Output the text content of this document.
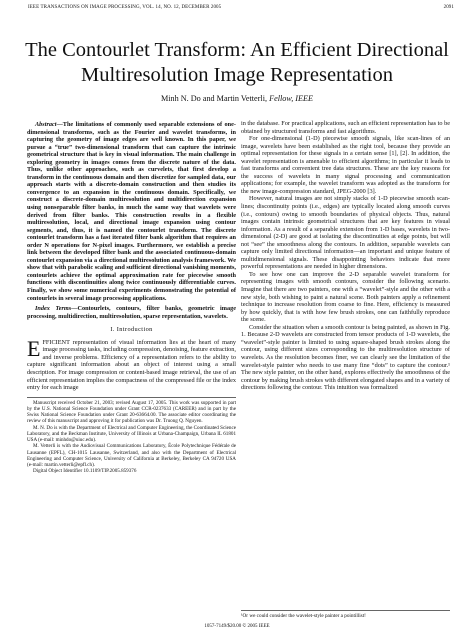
IEEE TRANSACTIONS ON IMAGE PROCESSING, VOL. 14, NO. 12, DECEMBER 2005	2091
The Contourlet Transform: An Efficient Directional
Multiresolution Image Representation
Minh N. Do and Martin Vetterli, Fellow, IEEE

Abstract—The limitations of commonly used separable extensions of one-dimensional transforms, such as the Fourier and wavelet transforms, in capturing the geometry of image edges are well known. In this paper, we pursue a “true” two-dimensional transform that can capture the intrinsic geometrical structure that is key in visual information. The main challenge in exploring geometry in images comes from the discrete nature of the data. Thus, unlike other approaches, such as curvelets, that first develop a transform in the continuous domain and then discretize for sampled data, our approach starts with a discrete-domain construction and then studies its convergence to an expansion in the continuous domain. Specifically, we construct a discrete-domain multiresolution and multidirection expansion using nonseparable filter banks, in much the same way that wavelets were derived from filter banks. This construction results in a flexible multiresolution, local, and directional image expansion using contour segments, and, thus, it is named the contourlet transform. The discrete contourlet transform has a fast iterated filter bank algorithm that requires an order N operations for N-pixel images. Furthermore, we establish a precise link between the developed filter bank and the associated continuous-domain contourlet expansion via a directional multiresolution analysis framework. We show that with parabolic scaling and sufficient directional vanishing moments, contourlets achieve the optimal approximation rate for piecewise smooth functions with discontinuities along twice continuously differentiable curves. Finally, we show some numerical experiments demonstrating the potential of contourlets in several image processing applications.

Index Terms—Contourlets, contours, filter banks, geometric image processing, multidirection, multiresolution, sparse representation, wavelets.

I. Introduction

EFFICIENT representation of visual information lies at the heart of many image processing tasks, including compression, denoising, feature extraction, and inverse problems. Efficiency of a representation refers to the ability to capture significant information about an object of interest using a small description. For image compression or content-based image retrieval, the use of an efficient representation implies the compactness of the compressed file or the index entry for each image

Manuscript received October 21, 2003; revised August 17, 2005. This work was supported in part by the U.S. National Science Foundation under Grant CCR-0237633 (CAREER) and in part by the Swiss National Science Foundation under Grant 20-63664.00. The associate editor coordinating the review of this manuscript and approving it for publication was Dr. Truong Q. Nguyen.

M. N. Do is with the Department of Electrical and Computer Engineering, the Coordinated Science Laboratory, and the Beckman Institute, University of Illinois at Urbana-Champaign, Urbana IL 61801 USA (e-mail: minhdo@uiuc.edu).

M. Vetterli is with the Audiovisual Communications Laboratory, École Polytechnique Fédérale de Lausanne (EPFL), CH-1015 Lausanne, Switzerland, and also with the Department of Electrical Engineering and Computer Science, University of California at Berkeley, Berkeley CA 94720 USA (e-mail: martin.vetterli@epfl.ch).

Digital Object Identifier 10.1109/TIP.2005.859376

in the database. For practical applications, such an efficient representation has to be obtained by structured transforms and fast algorithms.

For one-dimensional (1-D) piecewise smooth signals, like scan-lines of an image, wavelets have been established as the right tool, because they provide an optimal representation for these signals in a certain sense [1], [2]. In addition, the wavelet representation is amenable to efficient algorithms; in particular it leads to fast transforms and convenient tree data structures. These are the key reasons for the success of wavelets in many signal processing and communication applications; for example, the wavelet transform was adopted as the transform for the new image-compression standard, JPEG-2000 [3].

However, natural images are not simply stacks of 1-D piecewise smooth scan-lines; discontinuity points (i.e., edges) are typically located along smooth curves (i.e., contours) owing to smooth boundaries of physical objects. Thus, natural images contain intrinsic geometrical structures that are key features in visual information. As a result of a separable extension from 1-D bases, wavelets in two-dimensional (2-D) are good at isolating the discontinuities at edge points, but will not “see” the smoothness along the contours. In addition, separable wavelets can capture only limited directional information—an important and unique feature of multidimensional signals. These disappointing behaviors indicate that more powerful representations are needed in higher dimensions.

To see how one can improve the 2-D separable wavelet transform for representing images with smooth contours, consider the following scenario. Imagine that there are two painters, one with a “wavelet”-style and the other with a new style, both wishing to paint a natural scene. Both painters apply a refinement technique to increase resolution from coarse to fine. Here, efficiency is measured by how quickly, that is with how few brush strokes, one can faithfully reproduce the scene.

Consider the situation when a smooth contour is being painted, as shown in Fig. 1. Because 2-D wavelets are constructed from tensor products of 1-D wavelets, the “wavelet”-style painter is limited to using square-shaped brush strokes along the contour, using different sizes corresponding to the multiresolution structure of wavelets. As the resolution becomes finer, we can clearly see the limitation of the wavelet-style painter who needs to use many fine “dots” to capture the contour.¹ The new style painter, on the other hand, explores effectively the smoothness of the contour by making brush strokes with different elongated shapes and in a variety of directions following the contour. This intuition was formalized

¹Or we could consider the wavelet-style painter a pointillist!
1057-7149/$20.00 © 2005 IEEE
